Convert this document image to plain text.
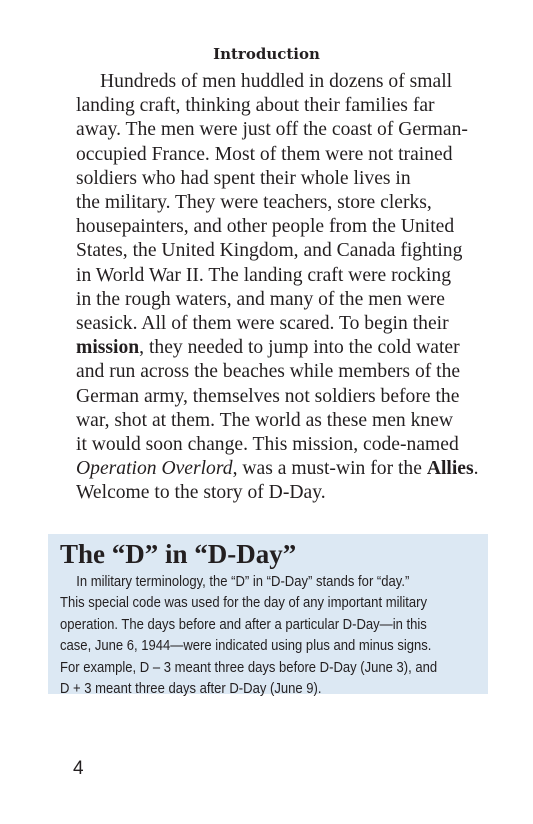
Introduction
Hundreds of men huddled in dozens of small
landing craft, thinking about their families far
away. The men were just off the coast of German-
occupied France. Most of them were not trained
soldiers who had spent their whole lives in
the military. They were teachers, store clerks,
housepainters, and other people from the United
States, the United Kingdom, and Canada fighting
in World War II. The landing craft were rocking
in the rough waters, and many of the men were
seasick. All of them were scared. To begin their
mission, they needed to jump into the cold water
and run across the beaches while members of the
German army, themselves not soldiers before the
war, shot at them. The world as these men knew
it would soon change. This mission, code-named
Operation Overlord, was a must-win for the Allies.
Welcome to the story of D-Day.
The “D” in “D-Day”
In military terminology, the “D” in “D-Day” stands for “day.”
This special code was used for the day of any important military
operation. The days before and after a particular D-Day—in this
case, June 6, 1944—were indicated using plus and minus signs.
For example, D – 3 meant three days before D-Day (June 3), and
D + 3 meant three days after D-Day (June 9).
4
